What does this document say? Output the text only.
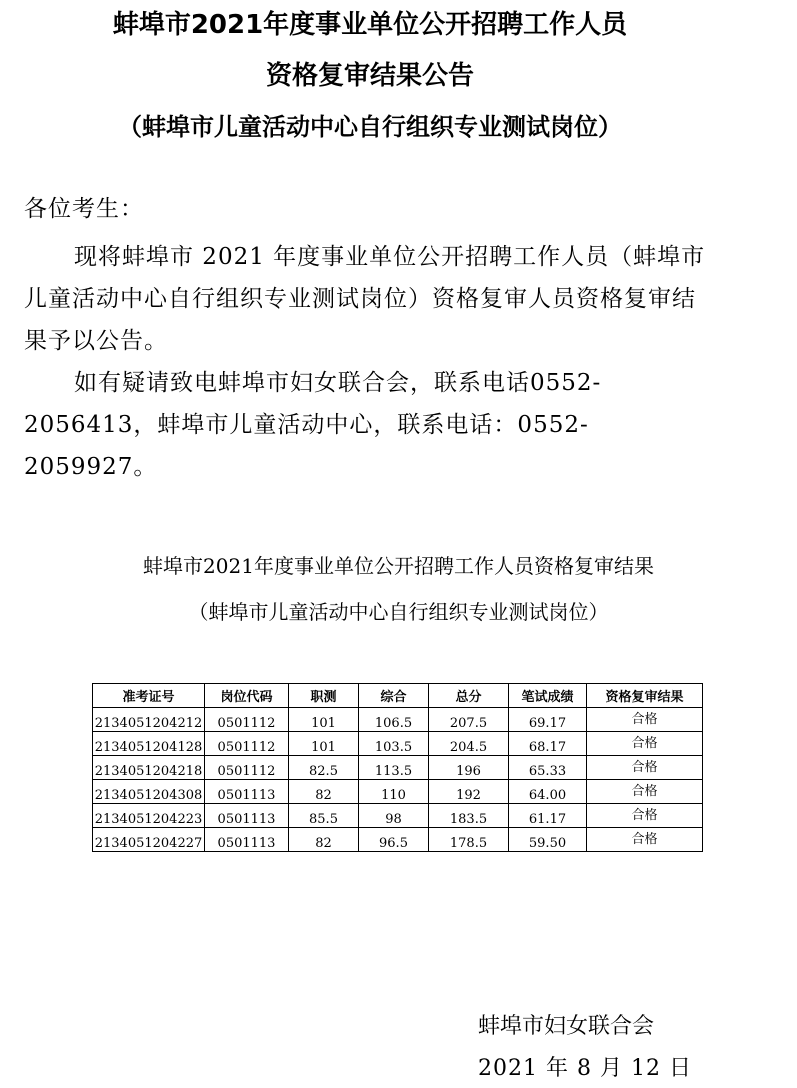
蚌埠市2021年度事业单位公开招聘工作人员
资格复审结果公告
（蚌埠市儿童活动中心自行组织专业测试岗位）
各位考生：
现将蚌埠市 2021 年度事业单位公开招聘工作人员（蚌埠市儿童活动中心自行组织专业测试岗位）资格复审人员资格复审结果予以公告。
如有疑请致电蚌埠市妇女联合会，联系电话0552-2056413，蚌埠市儿童活动中心，联系电话：0552-2059927。
蚌埠市2021年度事业单位公开招聘工作人员资格复审结果
（蚌埠市儿童活动中心自行组织专业测试岗位）
准考证号	岗位代码	职测	综合	总分	笔试成绩	资格复审结果
2134051204212	0501112	101	106.5	207.5	69.17	合格
2134051204128	0501112	101	103.5	204.5	68.17	合格
2134051204218	0501112	82.5	113.5	196	65.33	合格
2134051204308	0501113	82	110	192	64.00	合格
2134051204223	0501113	85.5	98	183.5	61.17	合格
2134051204227	0501113	82	96.5	178.5	59.50	合格
蚌埠市妇女联合会
2021 年 8 月 12 日
